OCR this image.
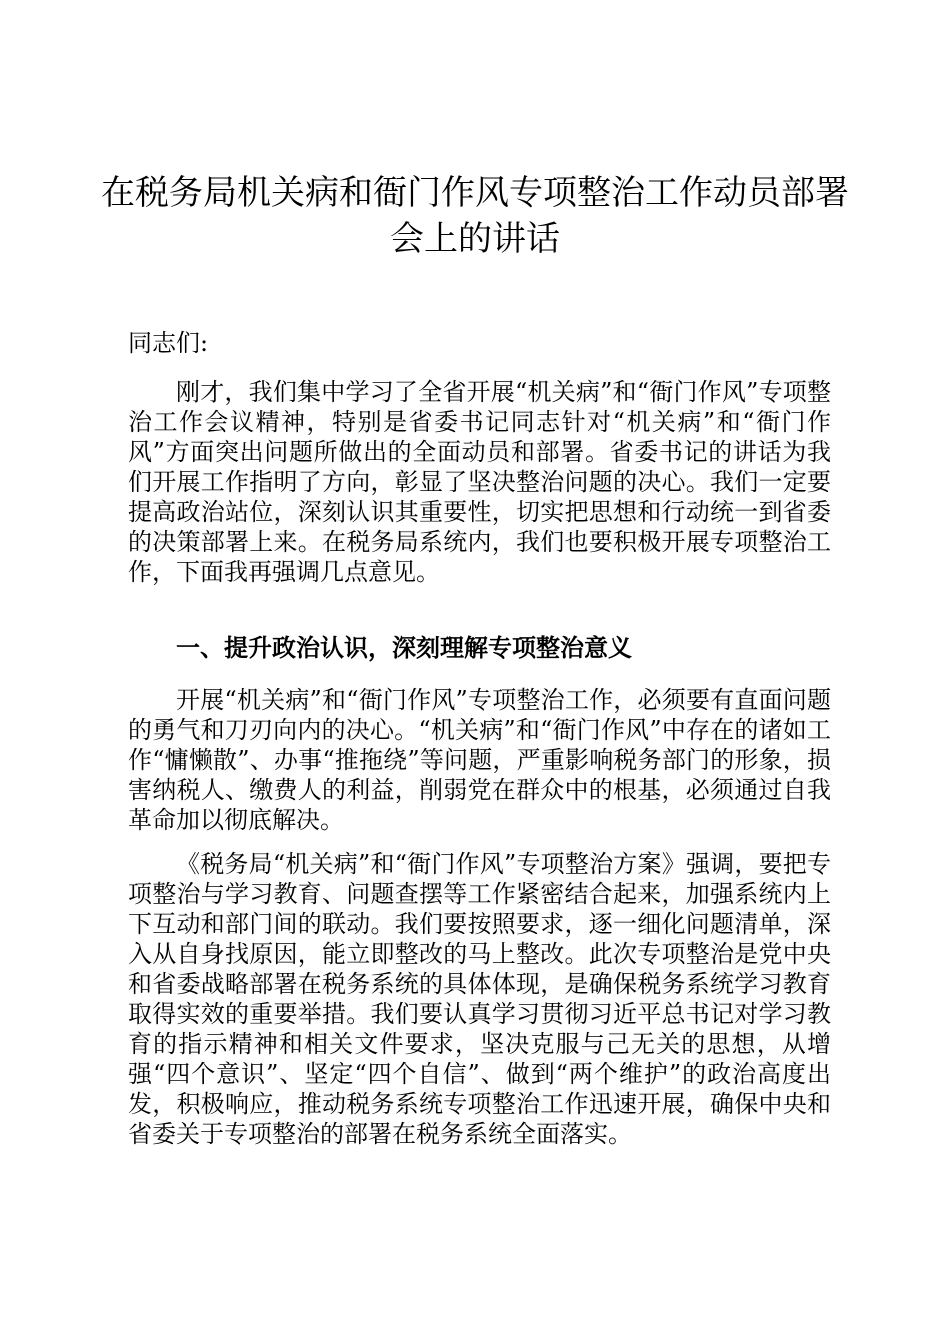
在税务局机关病和衙门作风专项整治工作动员部署会上的讲话

同志们:

刚才，我们集中学习了全省开展“机关病”和“衙门作风”专项整治工作会议精神，特别是省委书记同志针对“机关病”和“衙门作风”方面突出问题所做出的全面动员和部署。省委书记的讲话为我们开展工作指明了方向，彰显了坚决整治问题的决心。我们一定要提高政治站位，深刻认识其重要性，切实把思想和行动统一到省委的决策部署上来。在税务局系统内，我们也要积极开展专项整治工作，下面我再强调几点意见。

一、提升政治认识，深刻理解专项整治意义

开展“机关病”和“衙门作风”专项整治工作，必须要有直面问题的勇气和刀刃向内的决心。“机关病”和“衙门作风”中存在的诸如工作“慵懒散”、办事“推拖绕”等问题，严重影响税务部门的形象，损害纳税人、缴费人的利益，削弱党在群众中的根基，必须通过自我革命加以彻底解决。

《税务局“机关病”和“衙门作风”专项整治方案》强调，要把专项整治与学习教育、问题查摆等工作紧密结合起来，加强系统内上下互动和部门间的联动。我们要按照要求，逐一细化问题清单，深入从自身找原因，能立即整改的马上整改。此次专项整治是党中央和省委战略部署在税务系统的具体体现，是确保税务系统学习教育取得实效的重要举措。我们要认真学习贯彻习近平总书记对学习教育的指示精神和相关文件要求，坚决克服与己无关的思想，从增强“四个意识”、坚定“四个自信”、做到“两个维护”的政治高度出发，积极响应，推动税务系统专项整治工作迅速开展，确保中央和省委关于专项整治的部署在税务系统全面落实。
